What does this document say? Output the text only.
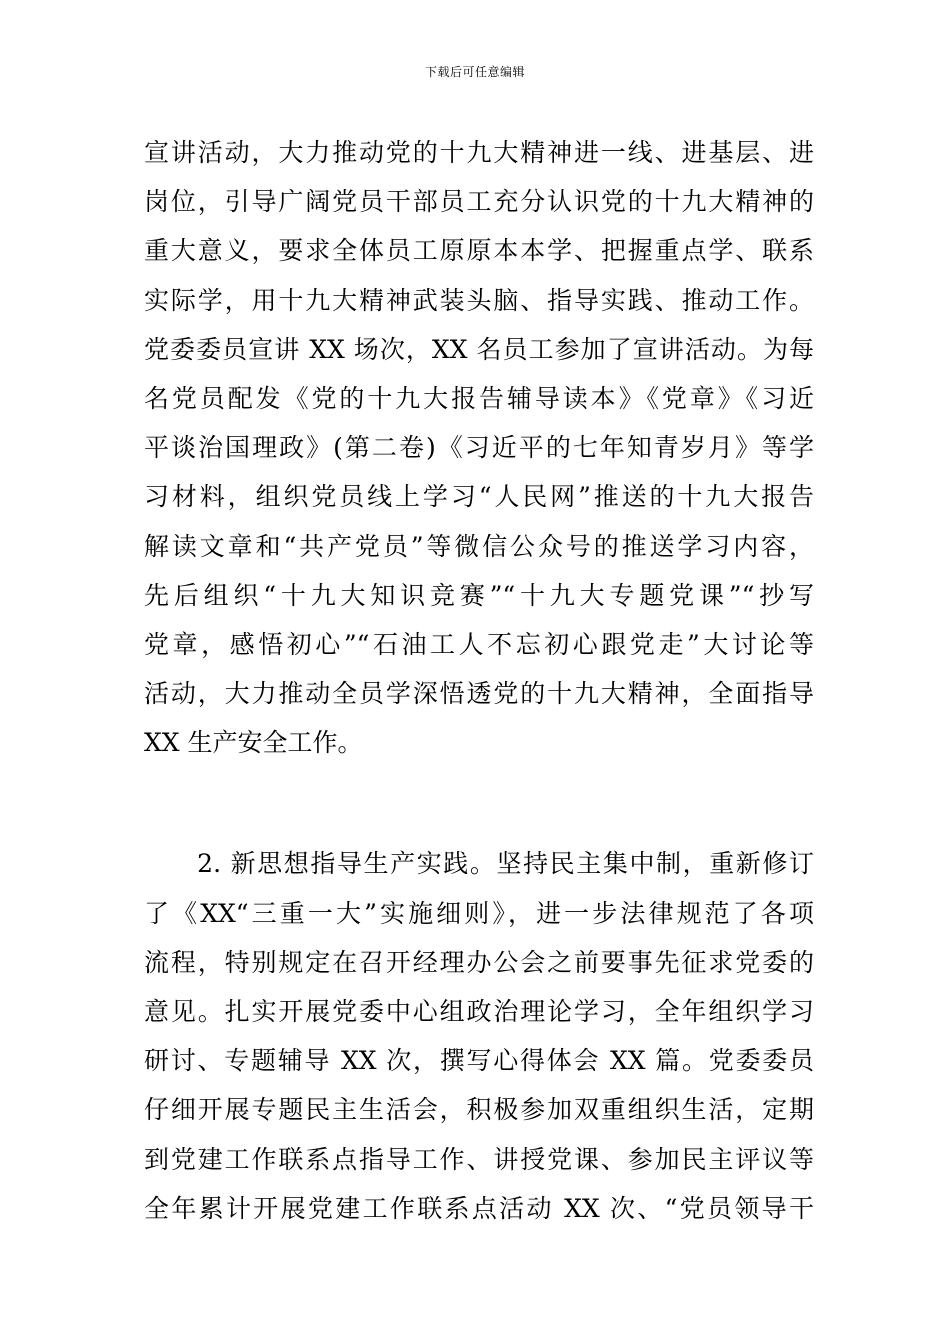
下载后可任意编辑
宣讲活动，大力推动党的十九大精神进一线、进基层、进
岗位，引导广阔党员干部员工充分认识党的十九大精神的
重大意义，要求全体员工原原本本学、把握重点学、联系
实际学，用十九大精神武装头脑、指导实践、推动工作。
党委委员宣讲 XX 场次，XX 名员工参加了宣讲活动。为每
名党员配发《党的十九大报告辅导读本》《党章》《习近
平谈治国理政》(第二卷)《习近平的七年知青岁月》等学
习材料，组织党员线上学习“人民网”推送的十九大报告
解读文章和“共产党员”等微信公众号的推送学习内容，
先后组织“十九大知识竞赛”“十九大专题党课”“抄写
党章，感悟初心”“石油工人不忘初心跟党走”大讨论等
活动，大力推动全员学深悟透党的十九大精神，全面指导
XX 生产安全工作。
　　2. 新思想指导生产实践。坚持民主集中制，重新修订
了《XX“三重一大”实施细则》，进一步法律规范了各项
流程，特别规定在召开经理办公会之前要事先征求党委的
意见。扎实开展党委中心组政治理论学习，全年组织学习
研讨、专题辅导 XX 次，撰写心得体会 XX 篇。党委委员
仔细开展专题民主生活会，积极参加双重组织生活，定期
到党建工作联系点指导工作、讲授党课、参加民主评议等
全年累计开展党建工作联系点活动 XX 次、“党员领导干
